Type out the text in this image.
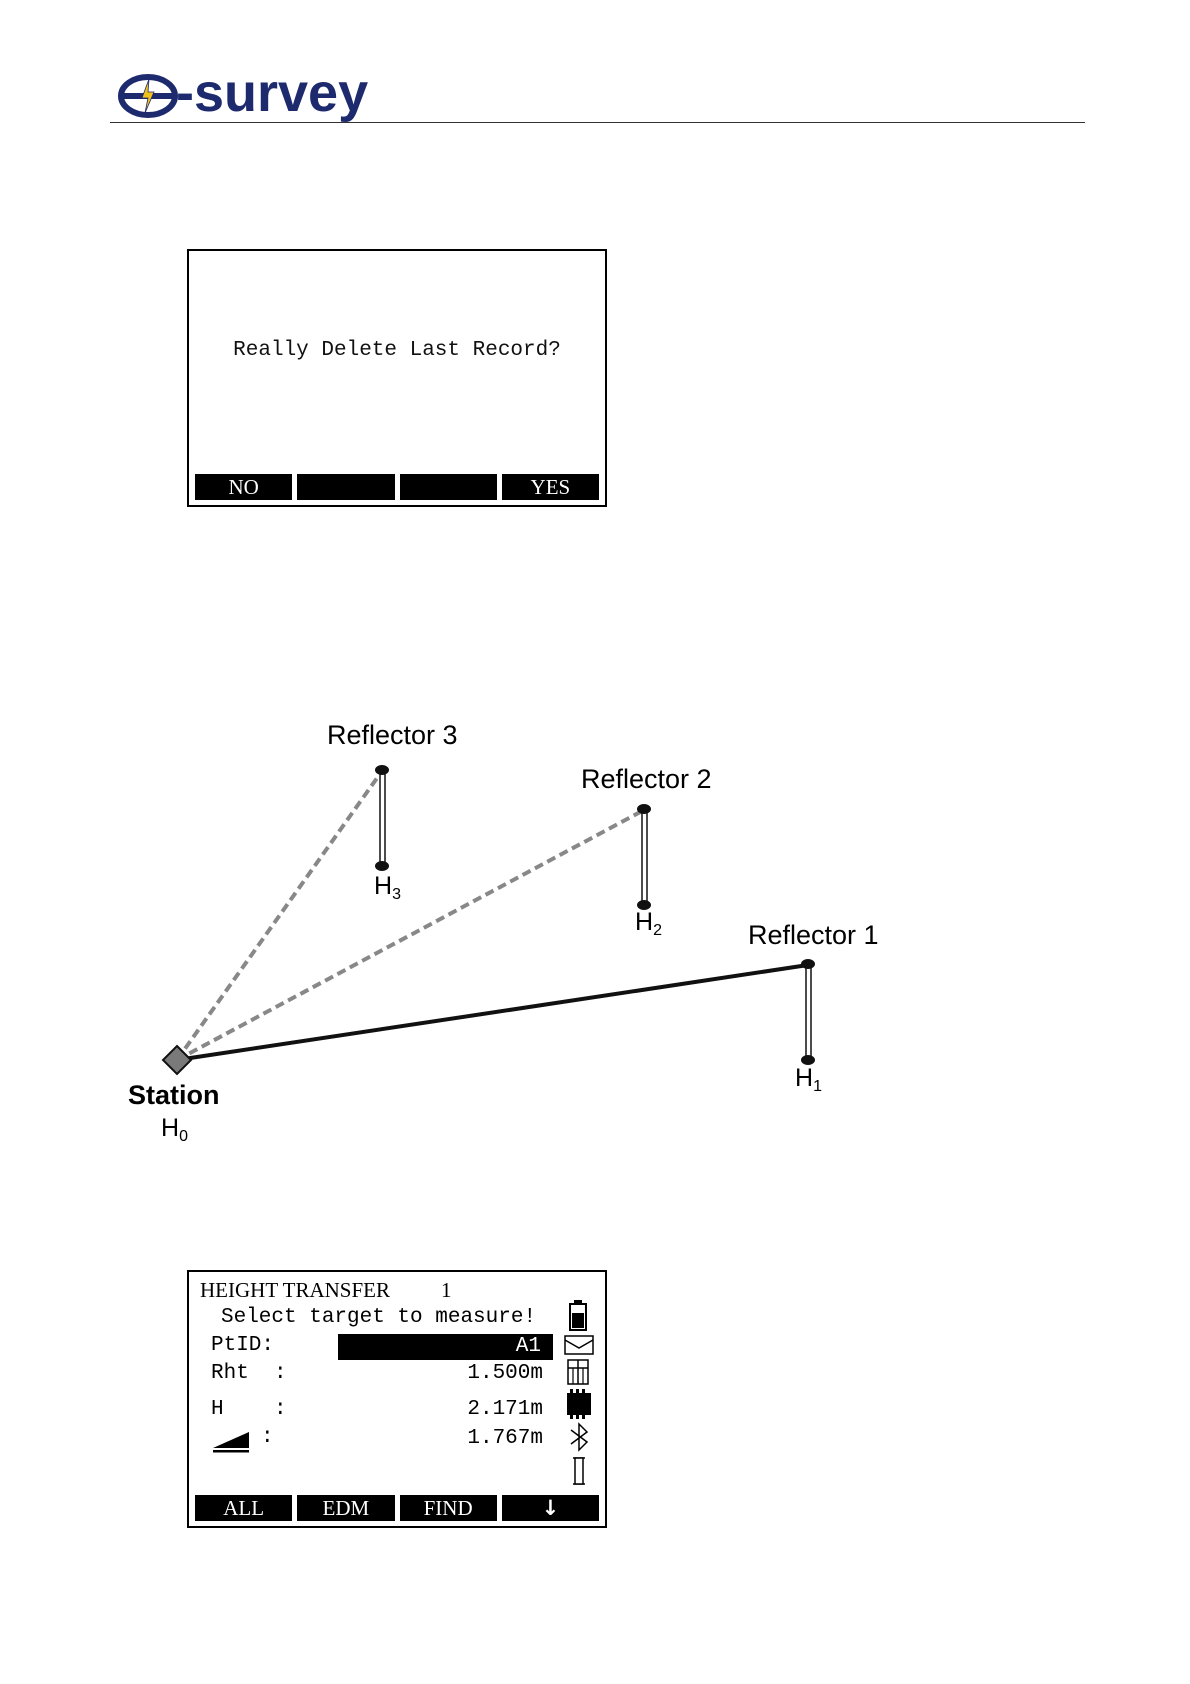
-survey
Really Delete Last Record?
NO	YES
Reflector 3
Reflector 2
Reflector 1
$H_3$
$H_2$
$H_1$
Station
$H_0$
HEIGHT TRANSFER 1
Select target to measure!
PtID:	A1
Rht  :	1.500m
H    :	2.171m
:	1.767m
ALL	EDM	FIND	↓
